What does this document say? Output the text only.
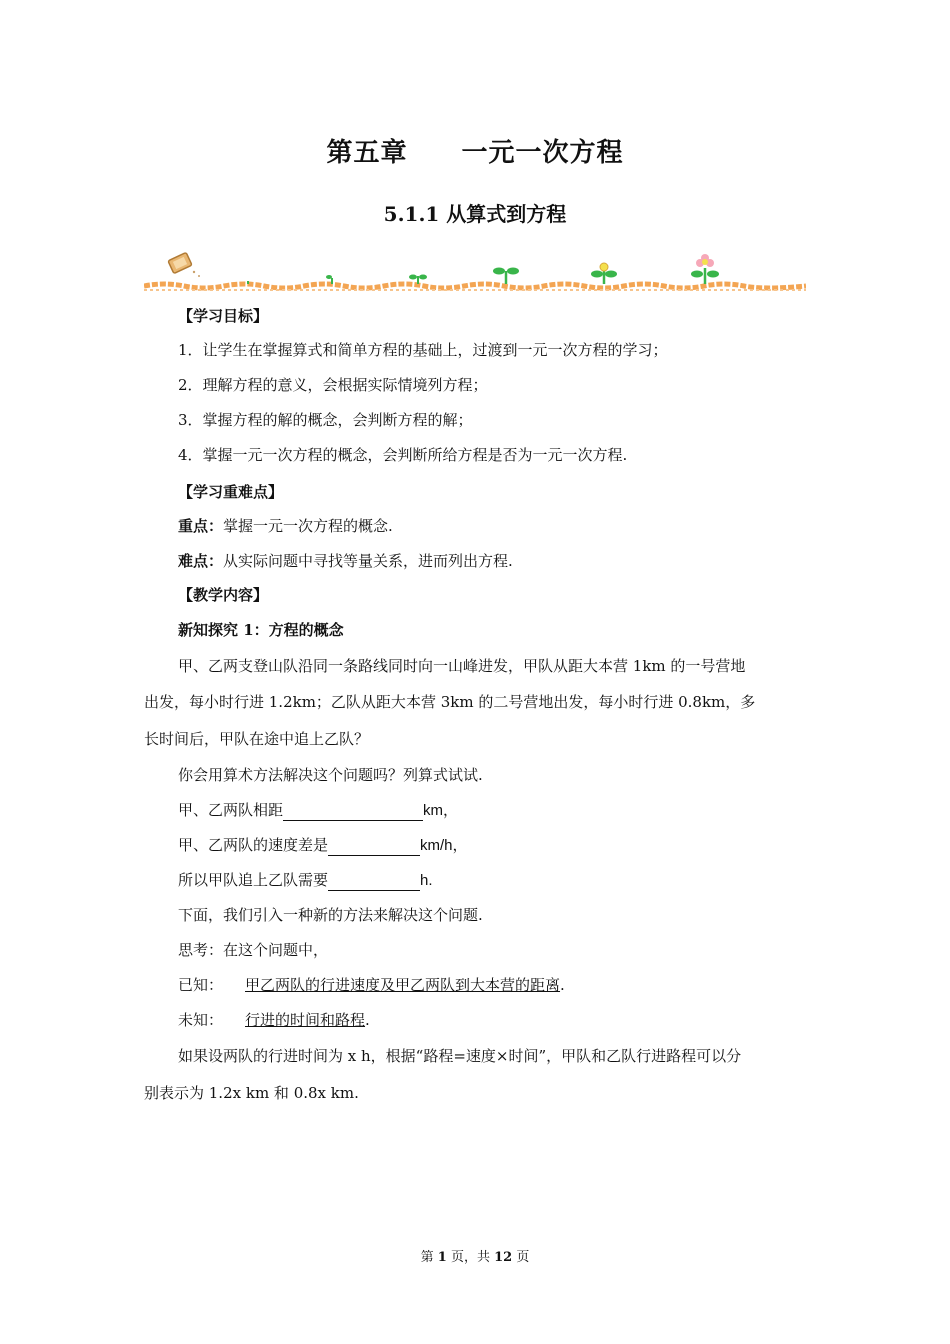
第五章　　一元一次方程
5.1.1 从算式到方程
【学习目标】
1．让学生在掌握算式和简单方程的基础上，过渡到一元一次方程的学习；
2．理解方程的意义，会根据实际情境列方程；
3．掌握方程的解的概念，会判断方程的解；
4．掌握一元一次方程的概念，会判断所给方程是否为一元一次方程.
【学习重难点】
重点：掌握一元一次方程的概念.
难点：从实际问题中寻找等量关系，进而列出方程.
【教学内容】
新知探究 1：方程的概念
甲、乙两支登山队沿同一条路线同时向一山峰进发，甲队从距大本营 1km 的一号营地
出发，每小时行进 1.2km；乙队从距大本营 3km 的二号营地出发，每小时行进 0.8km，多
长时间后，甲队在途中追上乙队？
你会用算术方法解决这个问题吗？列算式试试.
甲、乙两队相距	km，
甲、乙两队的速度差是	km/h，
所以甲队追上乙队需要	h.
下面，我们引入一种新的方法来解决这个问题.
思考：在这个问题中，
已知： 甲乙两队的行进速度及甲乙两队到大本营的距离.
未知： 行进的时间和路程.
如果设两队的行进时间为 x h，根据“路程=速度×时间”，甲队和乙队行进路程可以分
别表示为 1.2x km 和 0.8x km.
第 1 页，共 12 页
